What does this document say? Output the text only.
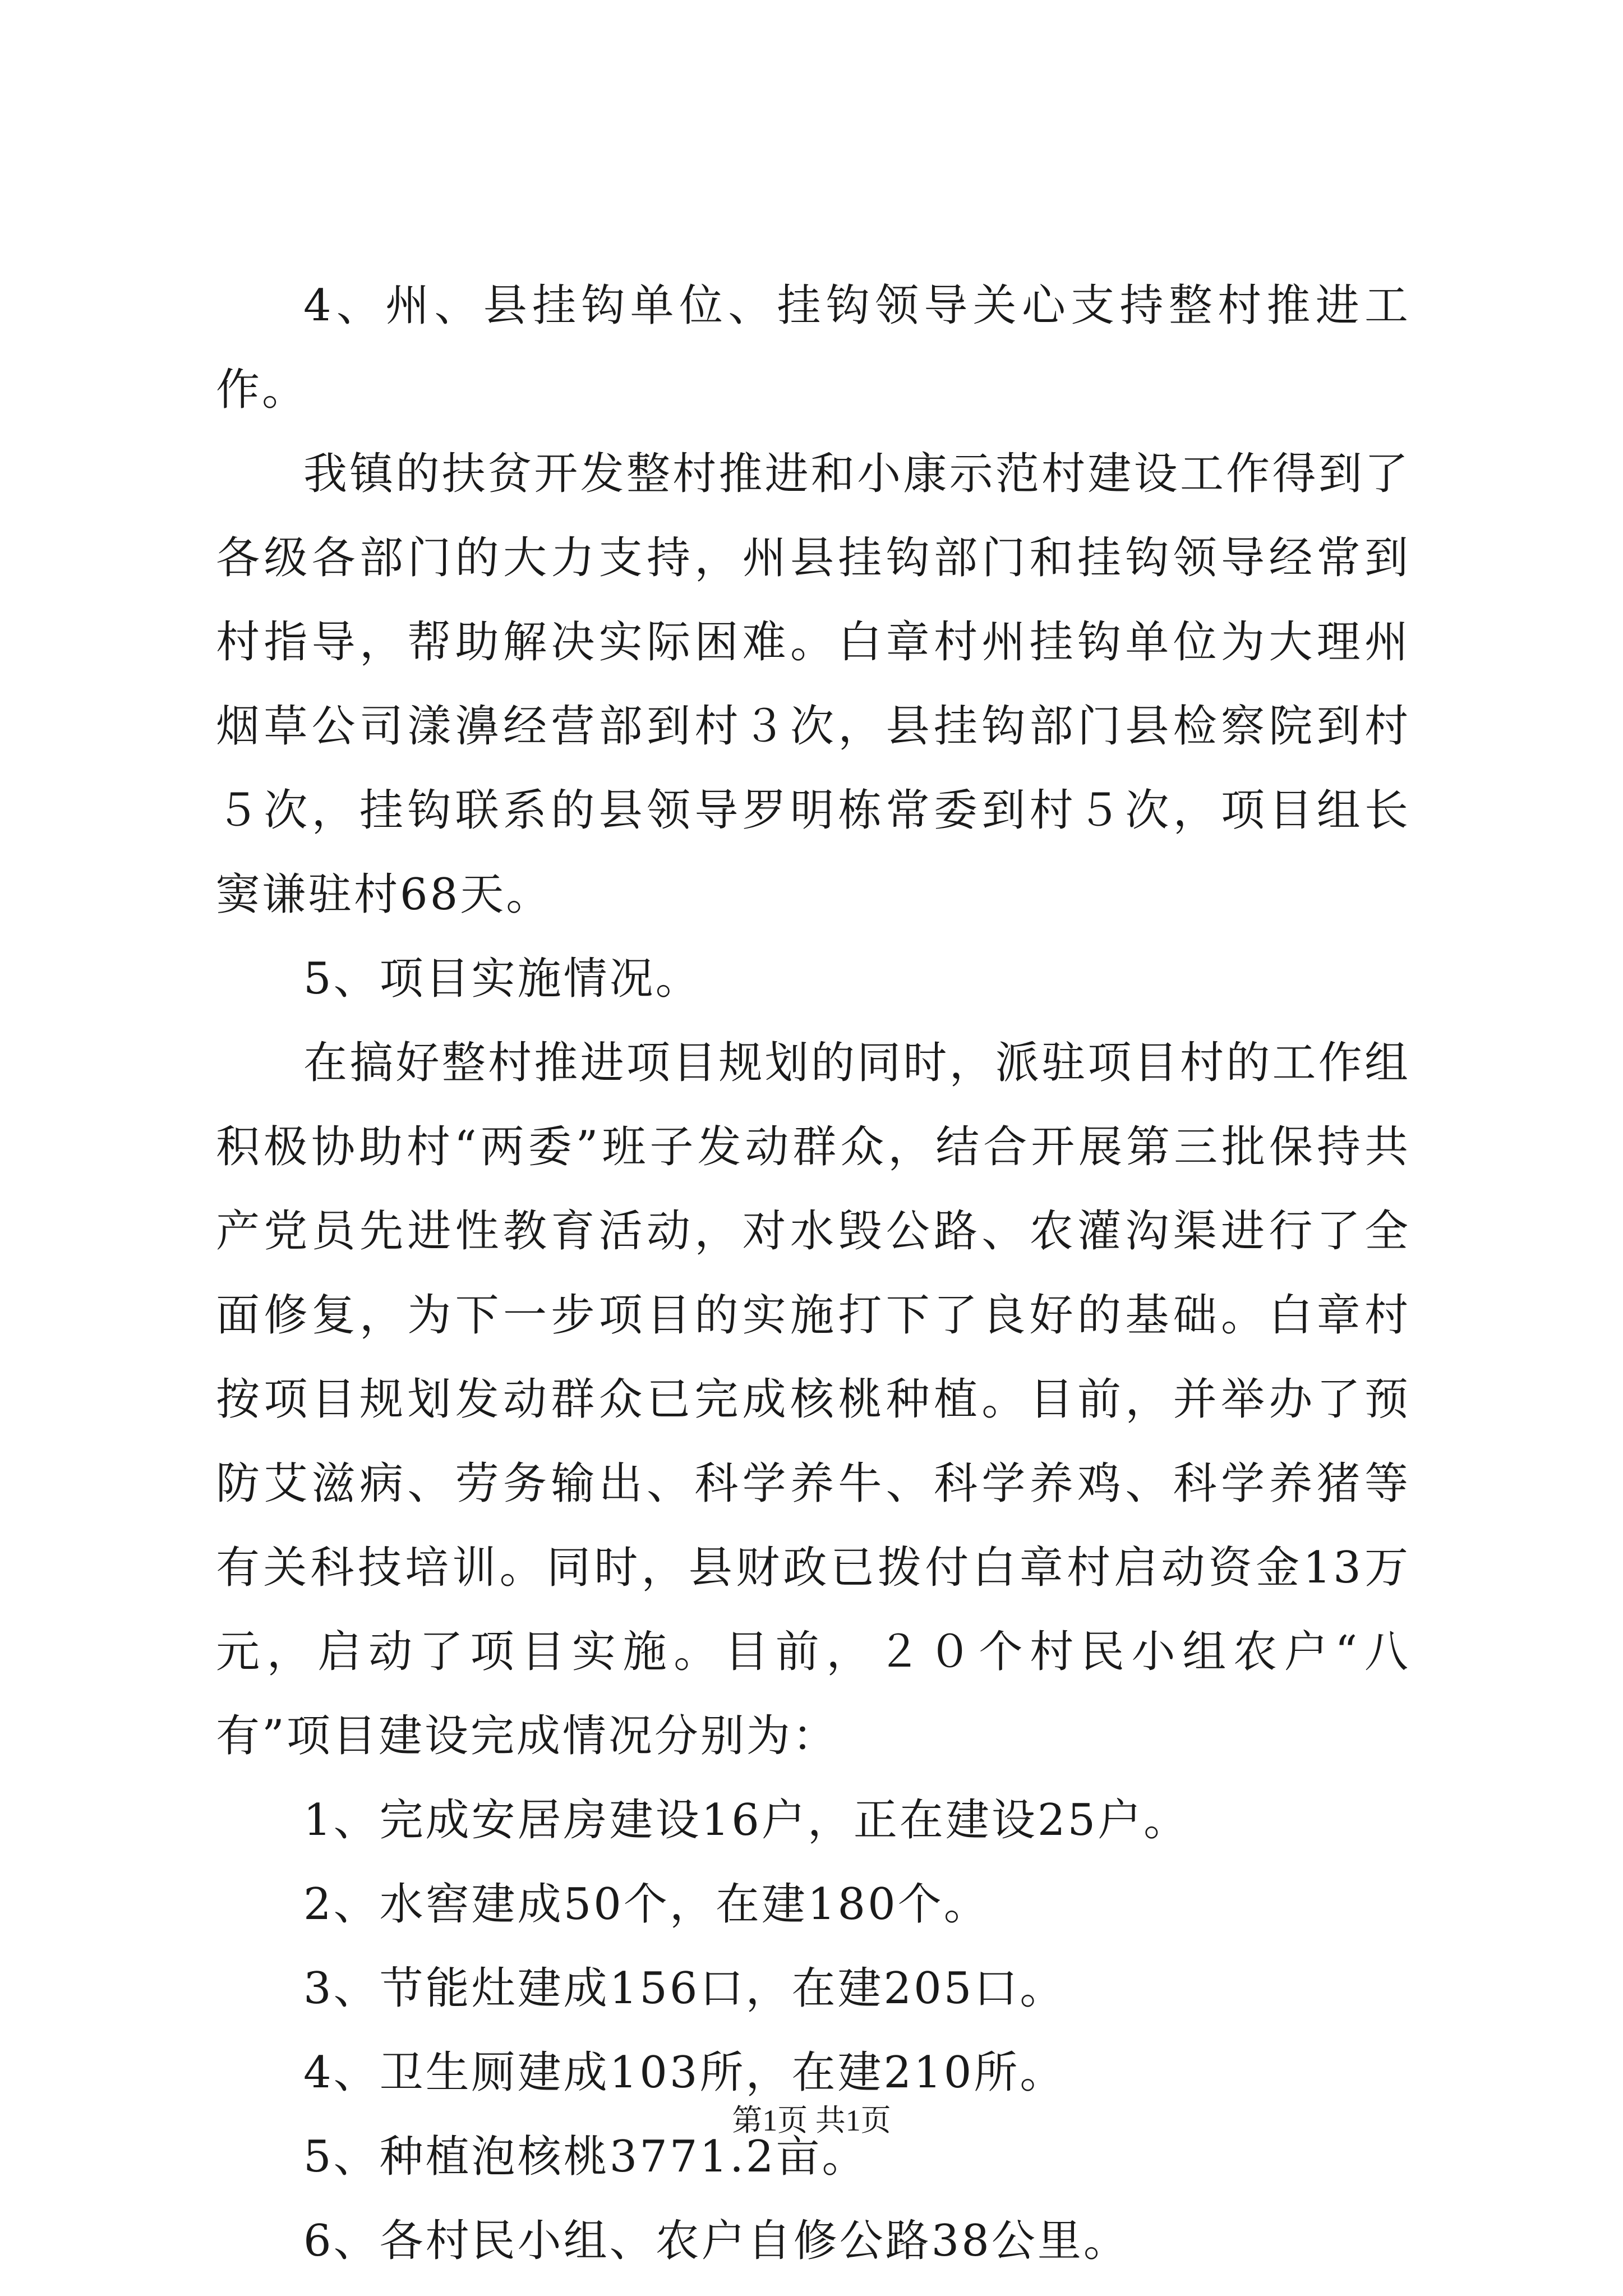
4、州、县挂钩单位、挂钩领导关心支持整村推进工作。

我镇的扶贫开发整村推进和小康示范村建设工作得到了各级各部门的大力支持，州县挂钩部门和挂钩领导经常到村指导，帮助解决实际困难。白章村州挂钩单位为大理州烟草公司漾濞经营部到村３次，县挂钩部门县检察院到村５次，挂钩联系的县领导罗明栋常委到村５次，项目组长窦谦驻村68天。

5、项目实施情况。

在搞好整村推进项目规划的同时，派驻项目村的工作组积极协助村“两委”班子发动群众，结合开展第三批保持共产党员先进性教育活动，对水毁公路、农灌沟渠进行了全面修复，为下一步项目的实施打下了良好的基础。白章村按项目规划发动群众已完成核桃种植。目前，并举办了预防艾滋病、劳务输出、科学养牛、科学养鸡、科学养猪等有关科技培训。同时，县财政已拨付白章村启动资金13万元，启动了项目实施。目前，２０个村民小组农户“八有”项目建设完成情况分别为：

1、完成安居房建设16户，正在建设25户。

2、水窖建成50个，在建180个。

3、节能灶建成156口，在建205口。

4、卫生厕建成103所，在建210所。

5、种植泡核桃3771.2亩。

6、各村民小组、农户自修公路38公里。

第1页 共1页
